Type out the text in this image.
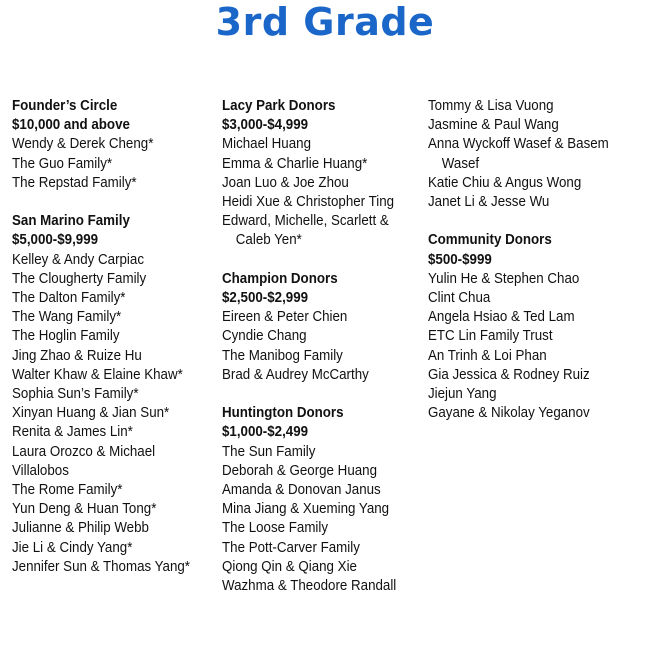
3rd Grade
Founder’s Circle
$10,000 and above
Wendy & Derek Cheng*
The Guo Family*
The Repstad Family*
San Marino Family
$5,000-$9,999
Kelley & Andy Carpiac
The Clougherty Family
The Dalton Family*
The Wang Family*
The Hoglin Family
Jing Zhao & Ruize Hu
Walter Khaw & Elaine Khaw*
Sophia Sun’s Family*
Xinyan Huang & Jian Sun*
Renita & James Lin*
Laura Orozco & Michael
Villalobos
The Rome Family*
Yun Deng & Huan Tong*
Julianne & Philip Webb
Jie Li & Cindy Yang*
Jennifer Sun & Thomas Yang*
Lacy Park Donors
$3,000-$4,999
Michael Huang
Emma & Charlie Huang*
Joan Luo & Joe Zhou
Heidi Xue & Christopher Ting
Edward, Michelle, Scarlett & Caleb Yen*
Champion Donors
$2,500-$2,999
Eireen & Peter Chien
Cyndie Chang
The Manibog Family
Brad & Audrey McCarthy
Huntington Donors
$1,000-$2,499
The Sun Family
Deborah & George Huang
Amanda & Donovan Janus
Mina Jiang & Xueming Yang
The Loose Family
The Pott-Carver Family
Qiong Qin & Qiang Xie
Wazhma & Theodore Randall
Tommy & Lisa Vuong
Jasmine & Paul Wang
Anna Wyckoff Wasef & Basem Wasef
Katie Chiu & Angus Wong
Janet Li & Jesse Wu
Community Donors
$500-$999
Yulin He & Stephen Chao
Clint Chua
Angela Hsiao & Ted Lam
ETC Lin Family Trust
An Trinh & Loi Phan
Gia Jessica & Rodney Ruiz
Jiejun Yang
Gayane & Nikolay Yeganov
